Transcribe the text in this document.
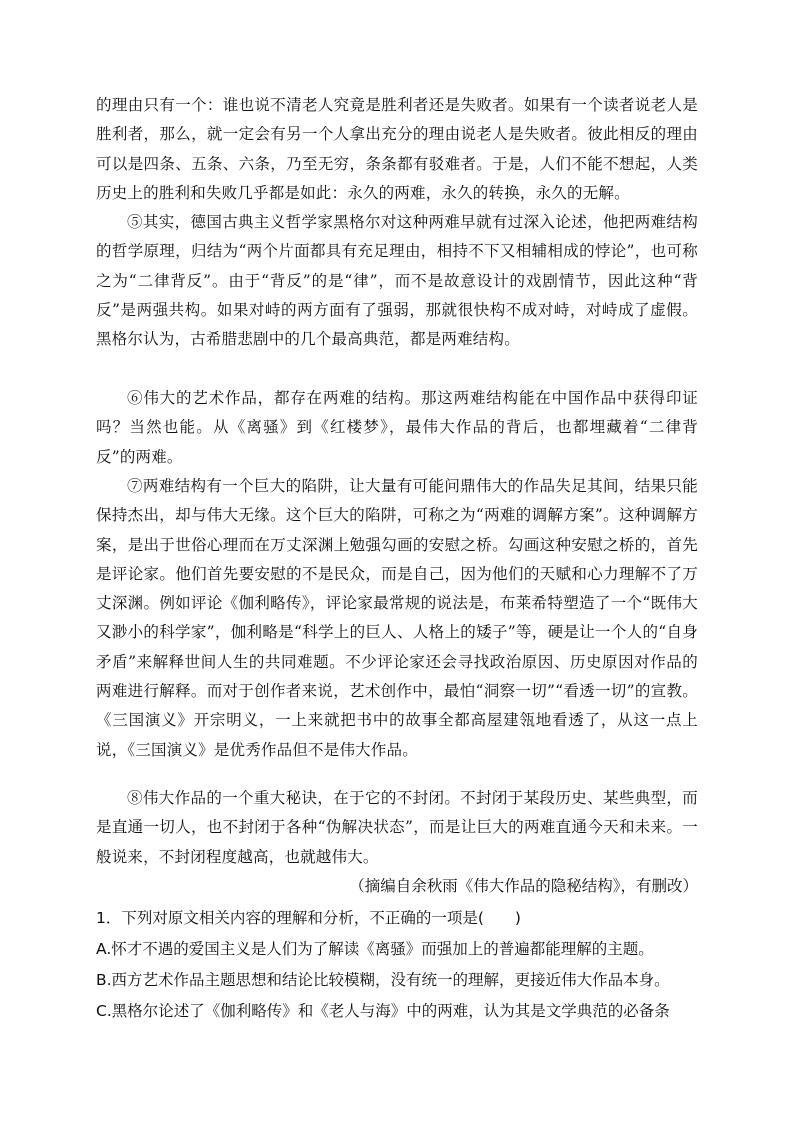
的理由只有一个：谁也说不清老人究竟是胜利者还是失败者。如果有一个读者说老人是胜利者，那么，就一定会有另一个人拿出充分的理由说老人是失败者。彼此相反的理由可以是四条、五条、六条，乃至无穷，条条都有驳难者。于是，人们不能不想起，人类历史上的胜利和失败几乎都是如此：永久的两难，永久的转换，永久的无解。

⑤其实，德国古典主义哲学家黑格尔对这种两难早就有过深入论述，他把两难结构的哲学原理，归结为“两个片面都具有充足理由，相持不下又相辅相成的悖论”，也可称之为“二律背反”。由于“背反”的是“律”，而不是故意设计的戏剧情节，因此这种“背反”是两强共构。如果对峙的两方面有了强弱，那就很快构不成对峙，对峙成了虚假。黑格尔认为，古希腊悲剧中的几个最高典范，都是两难结构。

⑥伟大的艺术作品，都存在两难的结构。那这两难结构能在中国作品中获得印证吗？当然也能。从《离骚》到《红楼梦》，最伟大作品的背后，也都埋藏着“二律背反”的两难。

⑦两难结构有一个巨大的陷阱，让大量有可能问鼎伟大的作品失足其间，结果只能保持杰出，却与伟大无缘。这个巨大的陷阱，可称之为“两难的调解方案”。这种调解方案，是出于世俗心理而在万丈深渊上勉强勾画的安慰之桥。勾画这种安慰之桥的，首先是评论家。他们首先要安慰的不是民众，而是自己，因为他们的天赋和心力理解不了万丈深渊。例如评论《伽利略传》，评论家最常规的说法是，布莱希特塑造了一个“既伟大又渺小的科学家”，伽利略是“科学上的巨人、人格上的矮子”等，硬是让一个人的“自身矛盾”来解释世间人生的共同难题。不少评论家还会寻找政治原因、历史原因对作品的两难进行解释。而对于创作者来说，艺术创作中，最怕“洞察一切”“看透一切”的宣教。《三国演义》开宗明义，一上来就把书中的故事全都高屋建瓴地看透了，从这一点上说，《三国演义》是优秀作品但不是伟大作品。

⑧伟大作品的一个重大秘诀，在于它的不封闭。不封闭于某段历史、某些典型，而是直通一切人，也不封闭于各种“伪解决状态”，而是让巨大的两难直通今天和未来。一般说来，不封闭程度越高，也就越伟大。

（摘编自余秋雨《伟大作品的隐秘结构》，有删改）

1．下列对原文相关内容的理解和分析，不正确的一项是(　　)

A.怀才不遇的爱国主义是人们为了解读《离骚》而强加上的普遍都能理解的主题。

B.西方艺术作品主题思想和结论比较模糊，没有统一的理解，更接近伟大作品本身。

C.黑格尔论述了《伽利略传》和《老人与海》中的两难，认为其是文学典范的必备条
